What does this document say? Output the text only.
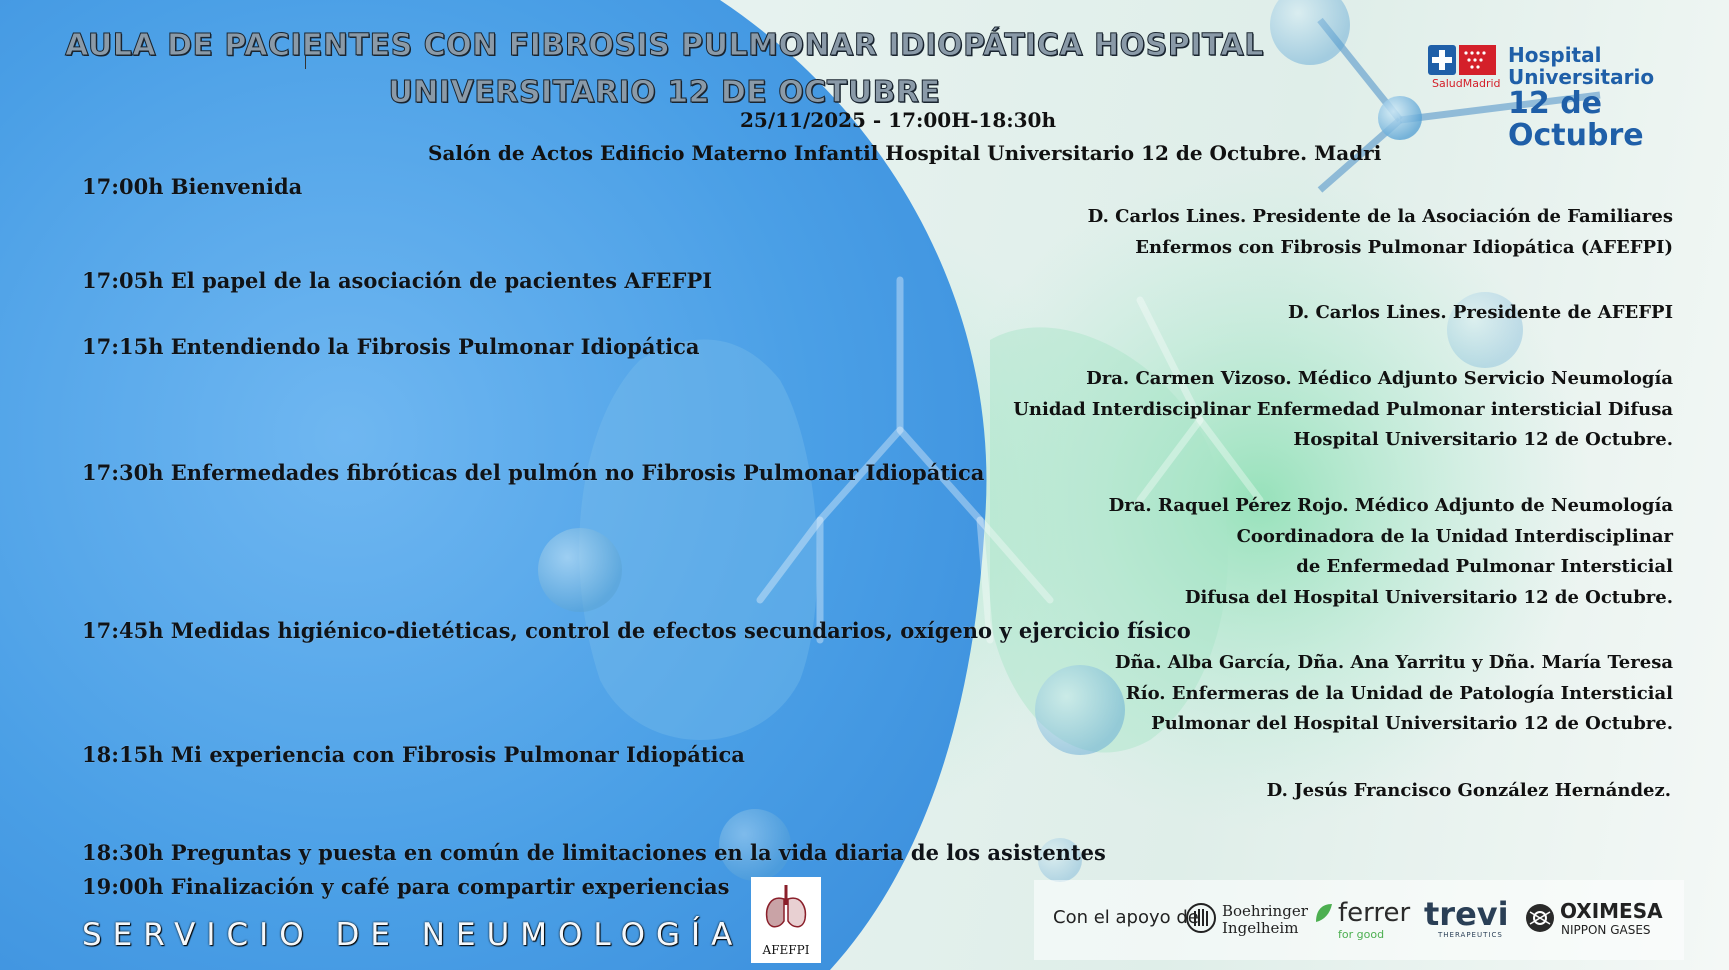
AULA DE PACIENTES CON FIBROSIS PULMONAR IDIOPÁTICA HOSPITAL
UNIVERSITARIO 12 DE OCTUBRE
25/11/2025 - 17:00H-18:30h
Salón de Actos Edificio Materno Infantil Hospital Universitario 12 de Octubre. Madri
SaludMadrid
Hospital Universitario
12 de Octubre
17:00h Bienvenida
D. Carlos Lines. Presidente de la Asociación de Familiares
Enfermos con Fibrosis Pulmonar Idiopática (AFEFPI)
17:05h El papel de la asociación de pacientes AFEFPI
D. Carlos Lines. Presidente de AFEFPI
17:15h Entendiendo la Fibrosis Pulmonar Idiopática
Dra. Carmen Vizoso. Médico Adjunto Servicio Neumología
Unidad Interdisciplinar Enfermedad Pulmonar intersticial Difusa
Hospital Universitario 12 de Octubre.
17:30h Enfermedades fibróticas del pulmón no Fibrosis Pulmonar Idiopática
Dra. Raquel Pérez Rojo. Médico Adjunto de Neumología
Coordinadora de la Unidad Interdisciplinar
de Enfermedad Pulmonar Intersticial
Difusa del Hospital Universitario 12 de Octubre.
17:45h Medidas higiénico-dietéticas, control de efectos secundarios, oxígeno y ejercicio físico
Dña. Alba García, Dña. Ana Yarritu y Dña. María Teresa
Río. Enfermeras de la Unidad de Patología Intersticial
Pulmonar del Hospital Universitario 12 de Octubre.
18:15h Mi experiencia con Fibrosis Pulmonar Idiopática
D. Jesús Francisco González Hernández.
18:30h Preguntas y puesta en común de limitaciones en la vida diaria de los asistentes
19:00h Finalización y café para compartir experiencias
SERVICIO DE NEUMOLOGÍA	AFEFPI
Con el apoyo de Boehringer
Ingelheim	ferrer
for good
trevi
THERAPEUTICS
OXIMESA
NIPPON GASES
